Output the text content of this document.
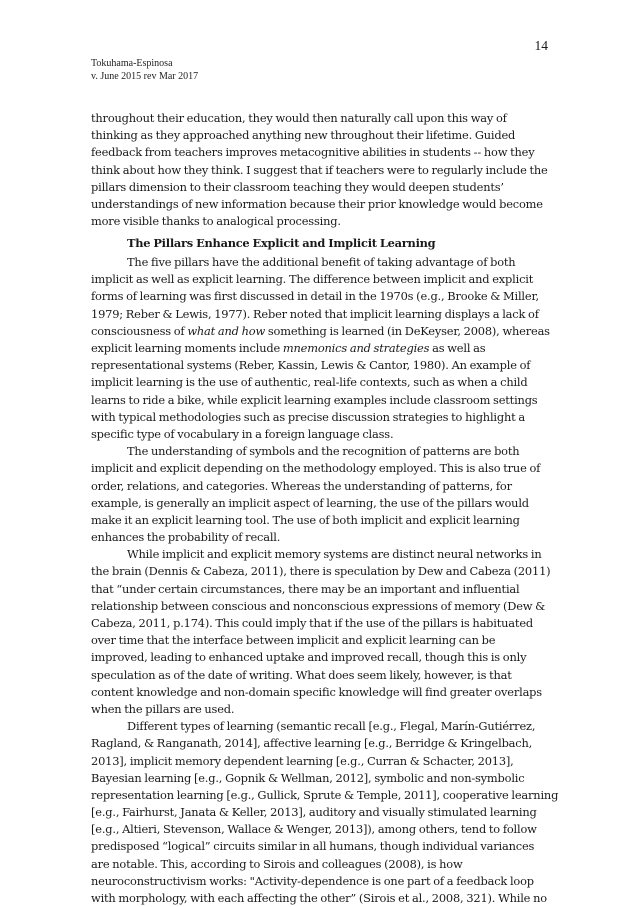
14
Tokuhama-Espinosa
v. June 2015 rev Mar 2017
throughout their education, they would then naturally call upon this way of
thinking as they approached anything new throughout their lifetime. Guided
feedback from teachers improves metacognitive abilities in students -- how they
think about how they think. I suggest that if teachers were to regularly include the
pillars dimension to their classroom teaching they would deepen students’
understandings of new information because their prior knowledge would become
more visible thanks to analogical processing.
The Pillars Enhance Explicit and Implicit Learning
The five pillars have the additional benefit of taking advantage of both
implicit as well as explicit learning. The difference between implicit and explicit
forms of learning was first discussed in detail in the 1970s (e.g., Brooke & Miller,
1979; Reber & Lewis, 1977). Reber noted that implicit learning displays a lack of
consciousness of what and how something is learned (in DeKeyser, 2008), whereas
explicit learning moments include mnemonics and strategies as well as
representational systems (Reber, Kassin, Lewis & Cantor, 1980). An example of
implicit learning is the use of authentic, real-life contexts, such as when a child
learns to ride a bike, while explicit learning examples include classroom settings
with typical methodologies such as precise discussion strategies to highlight a
specific type of vocabulary in a foreign language class.
The understanding of symbols and the recognition of patterns are both
implicit and explicit depending on the methodology employed. This is also true of
order, relations, and categories. Whereas the understanding of patterns, for
example, is generally an implicit aspect of learning, the use of the pillars would
make it an explicit learning tool. The use of both implicit and explicit learning
enhances the probability of recall.
While implicit and explicit memory systems are distinct neural networks in
the brain (Dennis & Cabeza, 2011), there is speculation by Dew and Cabeza (2011)
that “under certain circumstances, there may be an important and influential
relationship between conscious and nonconscious expressions of memory (Dew &
Cabeza, 2011, p.174). This could imply that if the use of the pillars is habituated
over time that the interface between implicit and explicit learning can be
improved, leading to enhanced uptake and improved recall, though this is only
speculation as of the date of writing. What does seem likely, however, is that
content knowledge and non-domain specific knowledge will find greater overlaps
when the pillars are used.
Different types of learning (semantic recall [e.g., Flegal, Marín-Gutiérrez,
Ragland, & Ranganath, 2014], affective learning [e.g., Berridge & Kringelbach,
2013], implicit memory dependent learning [e.g., Curran & Schacter, 2013],
Bayesian learning [e.g., Gopnik & Wellman, 2012], symbolic and non-symbolic
representation learning [e.g., Gullick, Sprute & Temple, 2011], cooperative learning
[e.g., Fairhurst, Janata & Keller, 2013], auditory and visually stimulated learning
[e.g., Altieri, Stevenson, Wallace & Wenger, 2013]), among others, tend to follow
predisposed “logical” circuits similar in all humans, though individual variances
are notable. This, according to Sirois and colleagues (2008), is how
neuroconstructivism works: "Activity-dependence is one part of a feedback loop
with morphology, with each affecting the other” (Sirois et al., 2008, 321). While no
